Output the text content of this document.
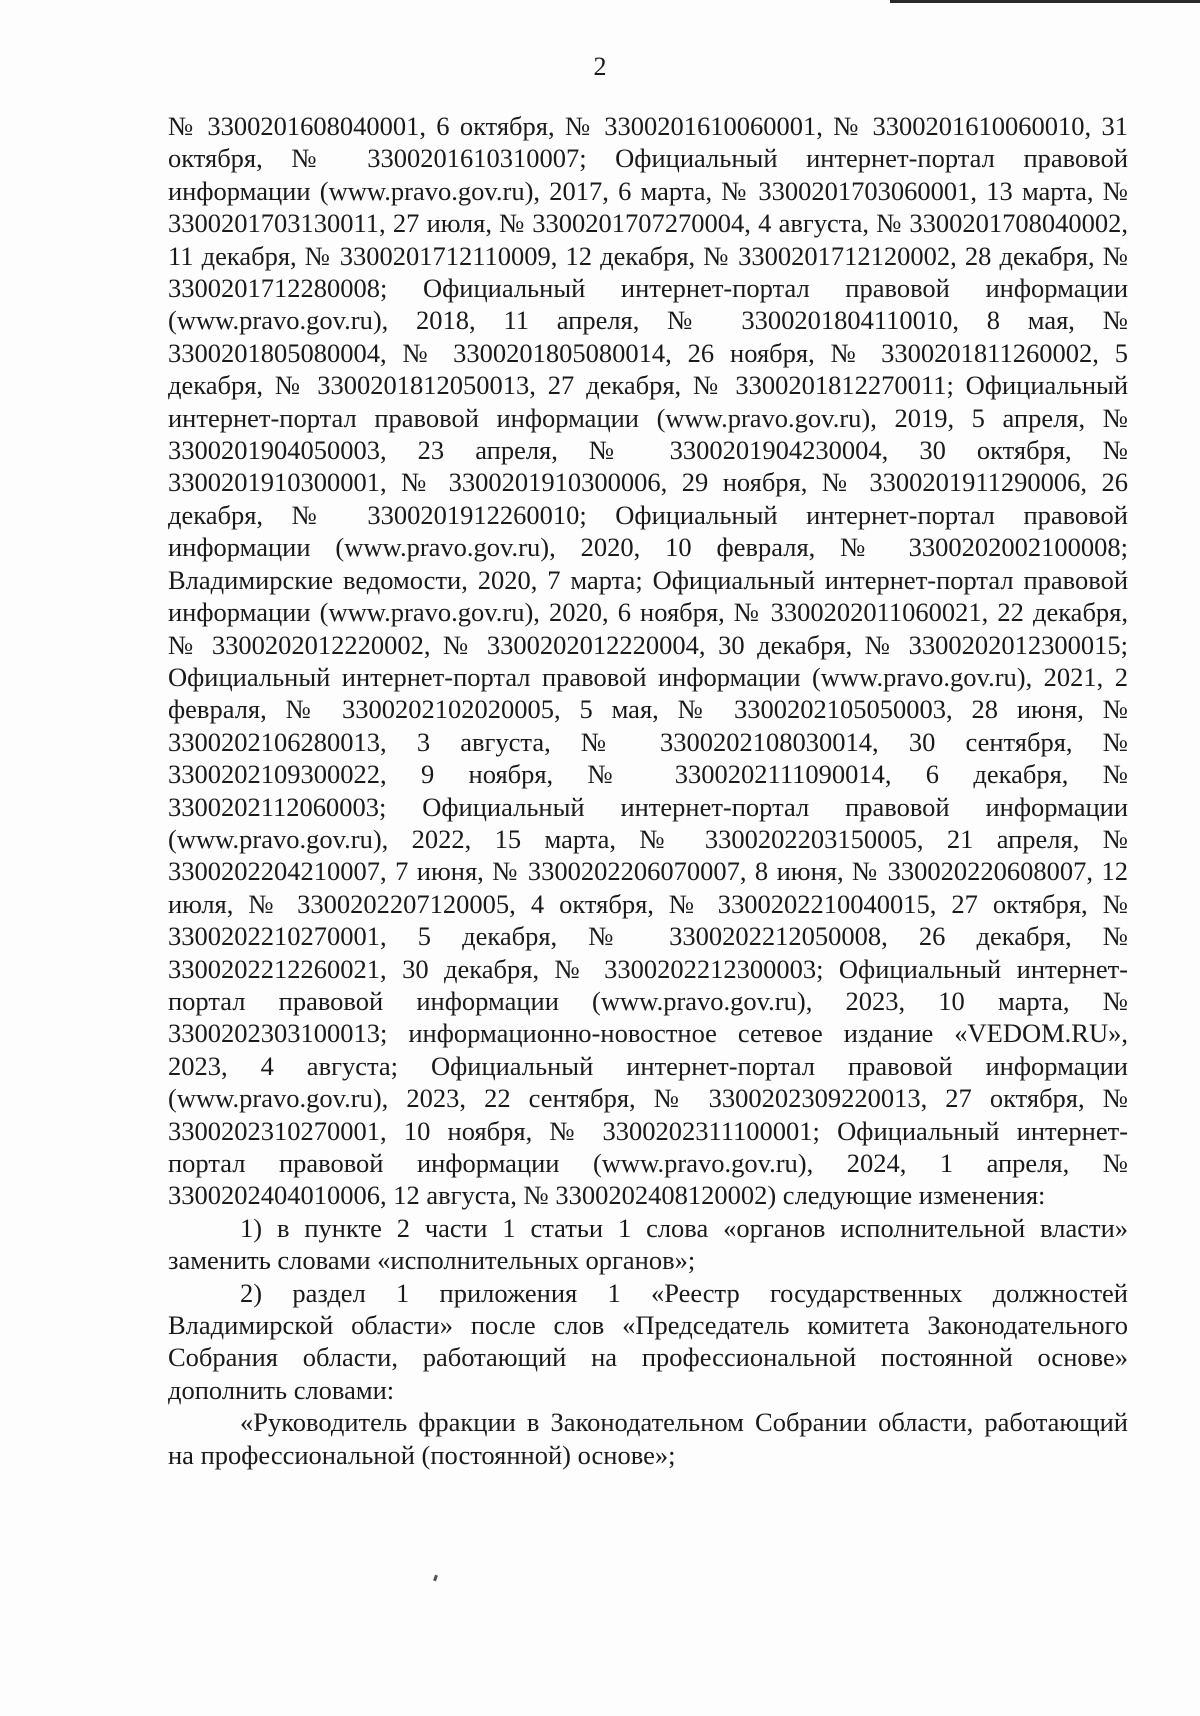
2

№ 3300201608040001, 6 октября, № 3300201610060001, № 3300201610060010, 31 октября, № 3300201610310007; Официальный интернет-портал правовой информации (www.pravo.gov.ru), 2017, 6 марта, № 3300201703060001, 13 марта, № 3300201703130011, 27 июля, № 3300201707270004, 4 августа, № 3300201708040002, 11 декабря, № 3300201712110009, 12 декабря, № 3300201712120002, 28 декабря, № 3300201712280008; Официальный интернет-портал правовой информации (www.pravo.gov.ru), 2018, 11 апреля, № 3300201804110010, 8 мая, № 3300201805080004, № 3300201805080014, 26 ноября, № 3300201811260002, 5 декабря, № 3300201812050013, 27 декабря, № 3300201812270011; Официальный интернет-портал правовой информации (www.pravo.gov.ru), 2019, 5 апреля, № 3300201904050003, 23 апреля, № 3300201904230004, 30 октября, № 3300201910300001, № 3300201910300006, 29 ноября, № 3300201911290006, 26 декабря, № 3300201912260010; Официальный интернет-портал правовой информации (www.pravo.gov.ru), 2020, 10 февраля, № 3300202002100008; Владимирские ведомости, 2020, 7 марта; Официальный интернет-портал правовой информации (www.pravo.gov.ru), 2020, 6 ноября, № 3300202011060021, 22 декабря, № 3300202012220002, № 3300202012220004, 30 декабря, № 3300202012300015; Официальный интернет-портал правовой информации (www.pravo.gov.ru), 2021, 2 февраля, № 3300202102020005, 5 мая, № 3300202105050003, 28 июня, № 3300202106280013, 3 августа, № 3300202108030014, 30 сентября, № 3300202109300022, 9 ноября, № 3300202111090014, 6 декабря, № 3300202112060003; Официальный интернет-портал правовой информации (www.pravo.gov.ru), 2022, 15 марта, № 3300202203150005, 21 апреля, № 3300202204210007, 7 июня, № 3300202206070007, 8 июня, № 330020220608007, 12 июля, № 3300202207120005, 4 октября, № 3300202210040015, 27 октября, № 3300202210270001, 5 декабря, № 3300202212050008, 26 декабря, № 3300202212260021, 30 декабря, № 3300202212300003; Официальный интернет-портал правовой информации (www.pravo.gov.ru), 2023, 10 марта, № 3300202303100013; информационно-новостное сетевое издание «VEDOM.RU», 2023, 4 августа; Официальный интернет-портал правовой информации (www.pravo.gov.ru), 2023, 22 сентября, № 3300202309220013, 27 октября, № 3300202310270001, 10 ноября, № 3300202311100001; Официальный интернет-портал правовой информации (www.pravo.gov.ru), 2024, 1 апреля, № 3300202404010006, 12 августа, № 3300202408120002) следующие изменения:

1) в пункте 2 части 1 статьи 1 слова «органов исполнительной власти» заменить словами «исполнительных органов»;

2) раздел 1 приложения 1 «Реестр государственных должностей Владимирской области» после слов «Председатель комитета Законодательного Собрания области, работающий на профессиональной постоянной основе» дополнить словами:

«Руководитель фракции в Законодательном Собрании области, работающий на профессиональной (постоянной) основе»;
